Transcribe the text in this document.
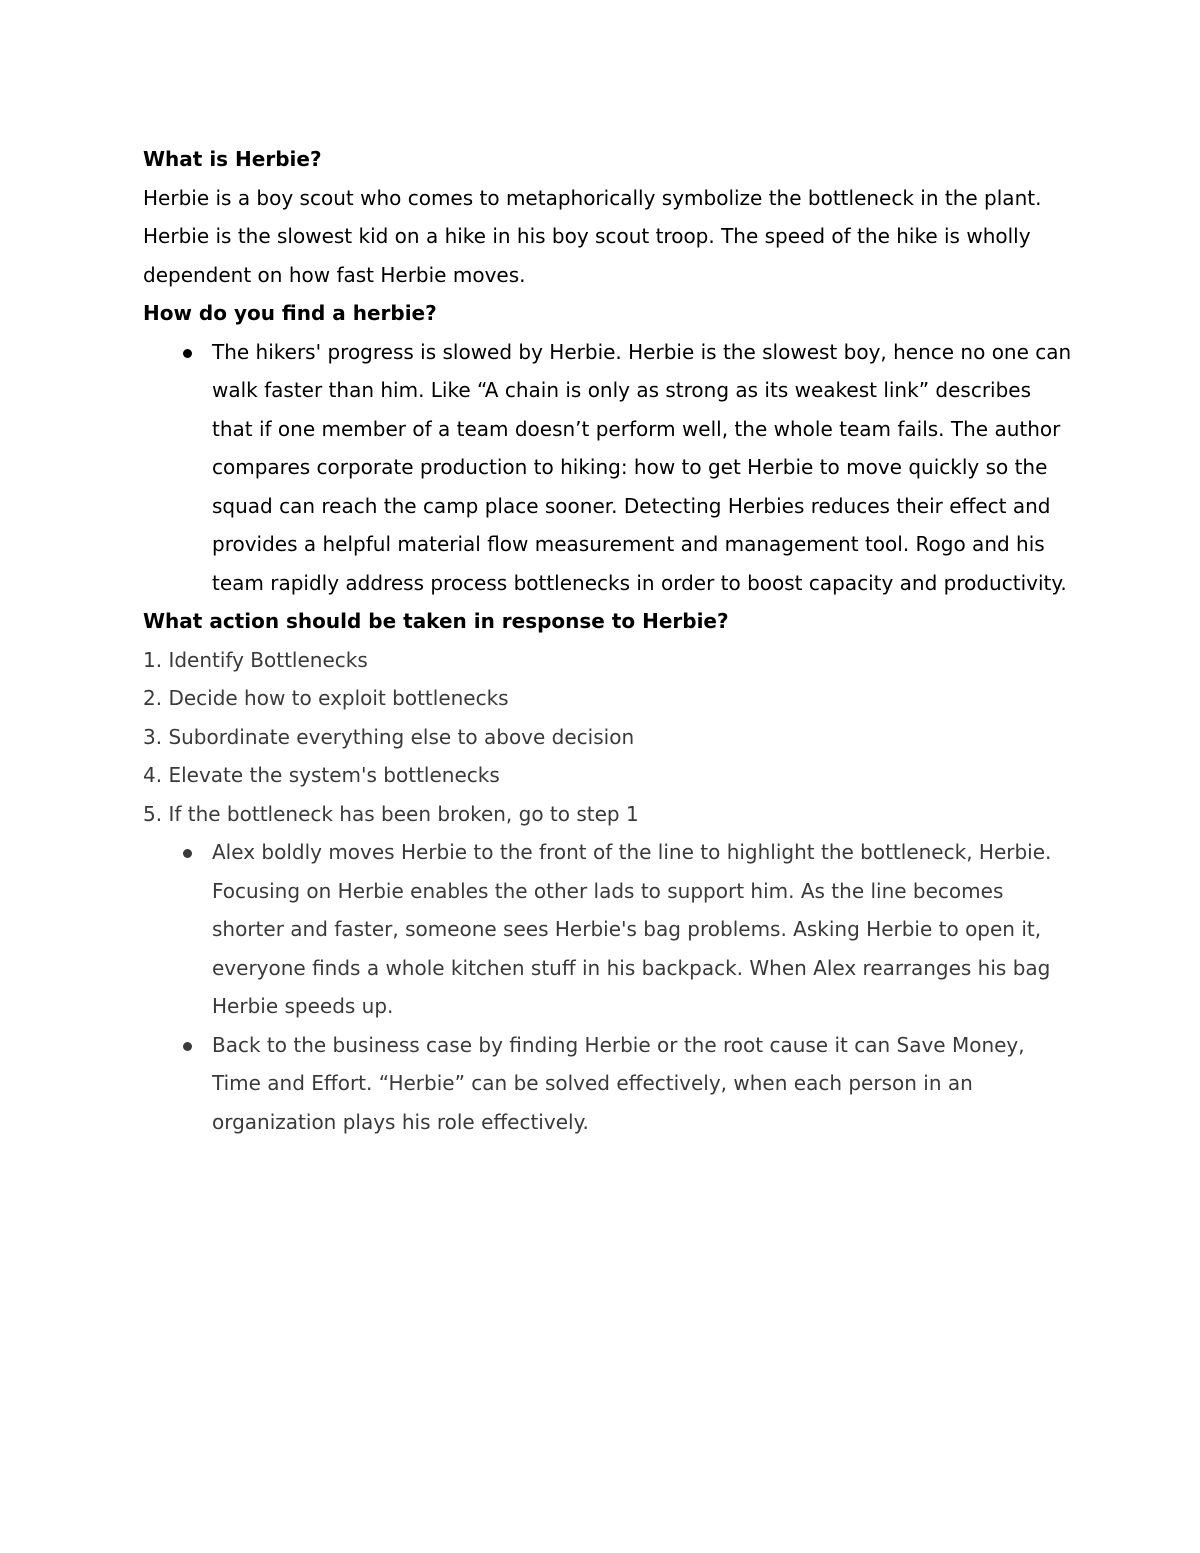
What is Herbie?

Herbie is a boy scout who comes to metaphorically symbolize the bottleneck in the plant. Herbie is the slowest kid on a hike in his boy scout troop. The speed of the hike is wholly dependent on how fast Herbie moves.

How do you find a herbie?

The hikers' progress is slowed by Herbie. Herbie is the slowest boy, hence no one can walk faster than him. Like “A chain is only as strong as its weakest link” describes that if one member of a team doesn’t perform well, the whole team fails. The author compares corporate production to hiking: how to get Herbie to move quickly so the squad can reach the camp place sooner. Detecting Herbies reduces their effect and provides a helpful material flow measurement and management tool. Rogo and his team rapidly address process bottlenecks in order to boost capacity and productivity.

What action should be taken in response to Herbie?

1. Identify Bottlenecks
2. Decide how to exploit bottlenecks
3. Subordinate everything else to above decision
4. Elevate the system's bottlenecks
5. If the bottleneck has been broken, go to step 1
Alex boldly moves Herbie to the front of the line to highlight the bottleneck, Herbie. Focusing on Herbie enables the other lads to support him. As the line becomes shorter and faster, someone sees Herbie's bag problems. Asking Herbie to open it, everyone finds a whole kitchen stuff in his backpack. When Alex rearranges his bag Herbie speeds up.
Back to the business case by finding Herbie or the root cause it can Save Money, Time and Effort. “Herbie” can be solved effectively, when each person in an organization plays his role effectively.
